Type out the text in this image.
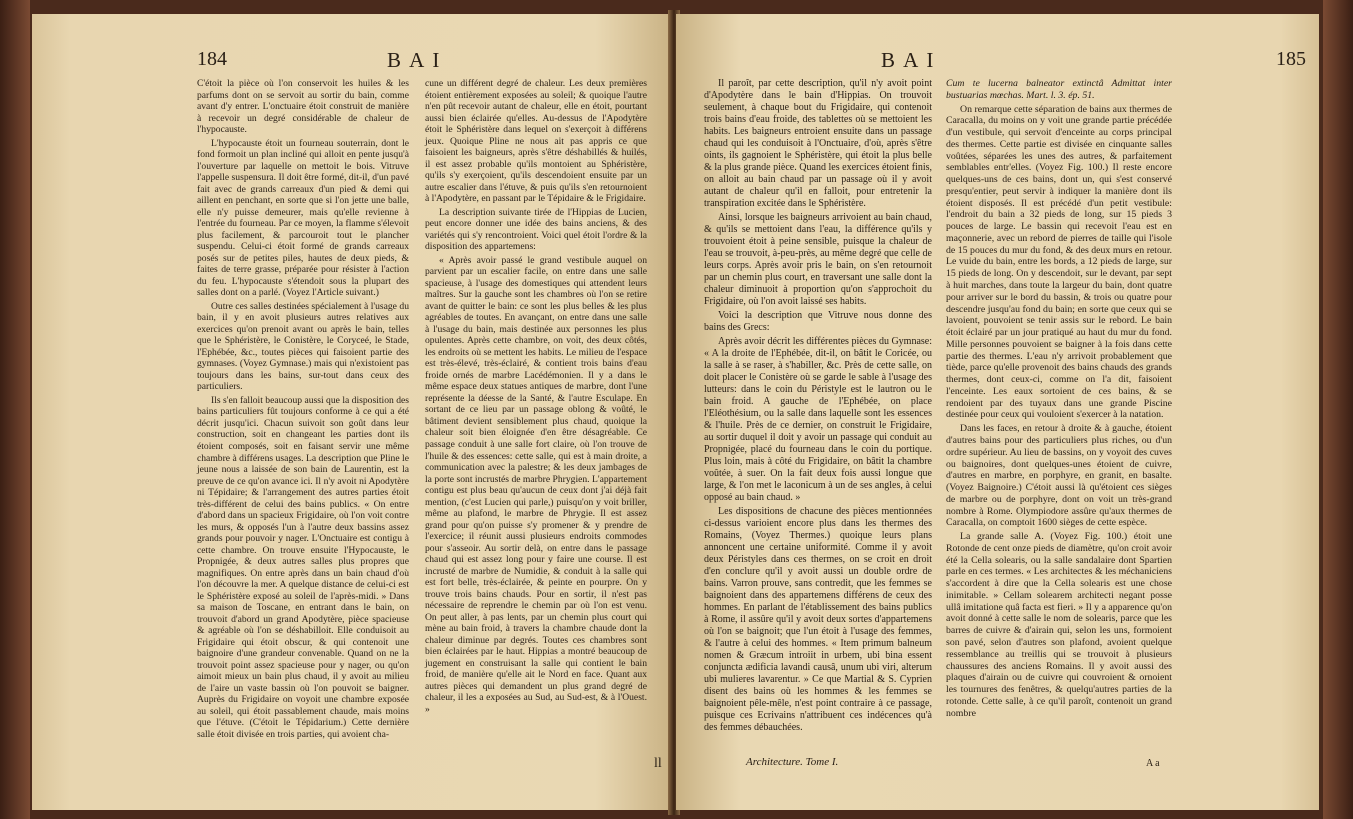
184	B A I

C'étoit la pièce où l'on conservoit les huiles & les parfums dont on se servoit au sortir du bain, comme avant d'y entrer. L'onctuaire étoit construit de manière à recevoir un degré considérable de chaleur de l'hypocauste.

L'hypocauste étoit un fourneau souterrain, dont le fond formoit un plan incliné qui alloit en pente jusqu'à l'ouverture par laquelle on mettoit le bois. Vitruve l'appelle suspensura. Il doit être formé, dit-il, d'un pavé fait avec de grands carreaux d'un pied & demi qui aillent en penchant, en sorte que si l'on jette une balle, elle n'y puisse demeurer, mais qu'elle revienne à l'entrée du fourneau. Par ce moyen, la flamme s'élevoit plus facilement, & parcouroit tout le plancher suspendu. Celui-ci étoit formé de grands carreaux posés sur de petites piles, hautes de deux pieds, & faites de terre grasse, préparée pour résister à l'action du feu. L'hypocauste s'étendoit sous la plupart des salles dont on a parlé. (Voyez l'Article suivant.)

Outre ces salles destinées spécialement à l'usage du bain, il y en avoit plusieurs autres relatives aux exercices qu'on prenoit avant ou après le bain, telles que le Sphéristère, le Conistère, le Coryceé, le Stade, l'Ephébée, &c., toutes pièces qui faisoient partie des gymnases. (Voyez Gymnase.) mais qui n'existoient pas toujours dans les bains, sur-tout dans ceux des particuliers.

Ils s'en falloit beaucoup aussi que la disposition des bains particuliers fût toujours conforme à ce qui a été décrit jusqu'ici. Chacun suivoit son goût dans leur construction, soit en changeant les parties dont ils étoient composés, soit en faisant servir une même chambre à différens usages. La description que Pline le jeune nous a laissée de son bain de Laurentin, est la preuve de ce qu'on avance ici. Il n'y avoit ni Apodytère ni Tépidaire; & l'arrangement des autres parties étoit très-différent de celui des bains publics. « On entre d'abord dans un spacieux Frigidaire, où l'on voit contre les murs, & opposés l'un à l'autre deux bassins assez grands pour pouvoir y nager. L'Onctuaire est contigu à cette chambre. On trouve ensuite l'Hypocauste, le Propnigée, & deux autres salles plus propres que magnifiques. On entre après dans un bain chaud d'où l'on découvre la mer. A quelque distance de celui-ci est le Sphéristère exposé au soleil de l'après-midi. » Dans sa maison de Toscane, en entrant dans le bain, on trouvoit d'abord un grand Apodytère, pièce spacieuse & agréable où l'on se déshabilloit. Elle conduisoit au Frigidaire qui étoit obscur, & qui contenoit une baignoire d'une grandeur convenable. Quand on ne la trouvoit point assez spacieuse pour y nager, ou qu'on aimoit mieux un bain plus chaud, il y avoit au milieu de l'aire un vaste bassin où l'on pouvoit se baigner. Auprès du Frigidaire on voyoit une chambre exposée au soleil, qui étoit passablement chaude, mais moins que l'étuve. (C'étoit le Tépidarium.) Cette dernière salle étoit divisée en trois parties, qui avoient cha-

cune un différent degré de chaleur. Les deux premières étoient entièrement exposées au soleil; & quoique l'autre n'en pût recevoir autant de chaleur, elle en étoit, pourtant aussi bien éclairée qu'elles. Au-dessus de l'Apodytère étoit le Sphéristère dans lequel on s'exerçoit à différens jeux. Quoique Pline ne nous ait pas appris ce que faisoient les baigneurs, après s'être déshabillés & huilés, il est assez probable qu'ils montoient au Sphéristère, qu'ils s'y exerçoient, qu'ils descendoient ensuite par un autre escalier dans l'étuve, & puis qu'ils s'en retournoient à l'Apodytère, en passant par le Tépidaire & le Frigidaire.

La description suivante tirée de l'Hippias de Lucien, peut encore donner une idée des bains anciens, & des variétés qui s'y rencontroient. Voici quel étoit l'ordre & la disposition des appartemens:

« Après avoir passé le grand vestibule auquel on parvient par un escalier facile, on entre dans une salle spacieuse, à l'usage des domestiques qui attendent leurs maîtres. Sur la gauche sont les chambres où l'on se retire avant de quitter le bain: ce sont les plus belles & les plus agréables de toutes. En avançant, on entre dans une salle à l'usage du bain, mais destinée aux personnes les plus opulentes. Après cette chambre, on voit, des deux côtés, les endroits où se mettent les habits. Le milieu de l'espace est très-élevé, très-éclairé, & contient trois bains d'eau froide ornés de marbre Lacédémonien. Il y a dans le même espace deux statues antiques de marbre, dont l'une représente la déesse de la Santé, & l'autre Esculape. En sortant de ce lieu par un passage oblong & voûté, le bâtiment devient sensiblement plus chaud, quoique la chaleur soit bien éloignée d'en être désagréable. Ce passage conduit à une salle fort claire, où l'on trouve de l'huile & des essences: cette salle, qui est à main droite, a communication avec la palestre; & les deux jambages de la porte sont incrustés de marbre Phrygien. L'appartement contigu est plus beau qu'aucun de ceux dont j'ai déjà fait mention, (c'est Lucien qui parle,) puisqu'on y voit briller, même au plafond, le marbre de Phrygie. Il est assez grand pour qu'on puisse s'y promener & y prendre de l'exercice; il réunit aussi plusieurs endroits commodes pour s'asseoir. Au sortir delà, on entre dans le passage chaud qui est assez long pour y faire une course. Il est incrusté de marbre de Numidie, & conduit à la salle qui est fort belle, très-éclairée, & peinte en pourpre. On y trouve trois bains chauds. Pour en sortir, il n'est pas nécessaire de reprendre le chemin par où l'on est venu. On peut aller, à pas lents, par un chemin plus court qui mène au bain froid, à travers la chambre chaude dont la chaleur diminue par degrés. Toutes ces chambres sont bien éclairées par le haut. Hippias a montré beaucoup de jugement en construisant la salle qui contient le bain froid, de manière qu'elle ait le Nord en face. Quant aux autres pièces qui demandent un plus grand degré de chaleur, il les a exposées au Sud, au Sud-est, & à l'Ouest. »

ll
B A I	185

Il paroît, par cette description, qu'il n'y avoit point d'Apodytère dans le bain d'Hippias. On trouvoit seulement, à chaque bout du Frigidaire, qui contenoit trois bains d'eau froide, des tablettes où se mettoient les habits. Les baigneurs entroient ensuite dans un passage chaud qui les conduisoit à l'Onctuaire, d'où, après s'être oints, ils gagnoient le Sphéristère, qui étoit la plus belle & la plus grande pièce. Quand les exercices étoient finis, on alloit au bain chaud par un passage où il y avoit autant de chaleur qu'il en falloit, pour entretenir la transpiration excitée dans le Sphéristère.

Ainsi, lorsque les baigneurs arrivoient au bain chaud, & qu'ils se mettoient dans l'eau, la différence qu'ils y trouvoient étoit à peine sensible, puisque la chaleur de l'eau se trouvoit, à-peu-près, au même degré que celle de leurs corps. Après avoir pris le bain, on s'en retournoit par un chemin plus court, en traversant une salle dont la chaleur diminuoit à proportion qu'on s'approchoit du Frigidaire, où l'on avoit laissé ses habits.

Voici la description que Vitruve nous donne des bains des Grecs:

Après avoir décrit les différentes pièces du Gymnase: « A la droite de l'Ephébée, dit-il, on bâtit le Coricée, ou la salle à se raser, à s'habiller, &c. Près de cette salle, on doit placer le Conistère où se garde le sable à l'usage des lutteurs: dans le coin du Péristyle est le lautron ou le bain froid. A gauche de l'Ephébée, on place l'Eléothésium, ou la salle dans laquelle sont les essences & l'huile. Près de ce dernier, on construit le Frigidaire, au sortir duquel il doit y avoir un passage qui conduit au Propnigée, placé du fourneau dans le coin du portique. Plus loin, mais à côté du Frigidaire, on bâtit la chambre voûtée, à suer. On la fait deux fois aussi longue que large, & l'on met le laconicum à un de ses angles, à celui opposé au bain chaud. »

Les dispositions de chacune des pièces mentionnées ci-dessus varioient encore plus dans les thermes des Romains, (Voyez Thermes.) quoique leurs plans annoncent une certaine uniformité. Comme il y avoit deux Péristyles dans ces thermes, on se croit en droit d'en conclure qu'il y avoit aussi un double ordre de bains. Varron prouve, sans contredit, que les femmes se baignoient dans des appartemens différens de ceux des hommes. En parlant de l'établissement des bains publics à Rome, il assûre qu'il y avoit deux sortes d'appartemens où l'on se baignoit; que l'un étoit à l'usage des femmes, & l'autre à celui des hommes. « Item primum balneum nomen & Græcum introiit in urbem, ubi bina essent conjuncta ædificia lavandi causâ, unum ubi viri, alterum ubi mulieres lavarentur. » Ce que Martial & S. Cyprien disent des bains où les hommes & les femmes se baignoient pêle-mêle, n'est point contraire à ce passage, puisque ces Ecrivains n'attribuent ces indécences qu'à des femmes débauchées.

Cum te lucerna balneator extinctâ Admittat inter bustuarias mœchas. Mart. l. 3. ép. 51.

On remarque cette séparation de bains aux thermes de Caracalla, du moins on y voit une grande partie précédée d'un vestibule, qui servoit d'enceinte au corps principal des thermes. Cette partie est divisée en cinquante salles voûtées, séparées les unes des autres, & parfaitement semblables entr'elles. (Voyez Fig. 100.) Il reste encore quelques-uns de ces bains, dont un, qui s'est conservé presqu'entier, peut servir à indiquer la manière dont ils étoient disposés. Il est précédé d'un petit vestibule: l'endroit du bain a 32 pieds de long, sur 15 pieds 3 pouces de large. Le bassin qui recevoit l'eau est en maçonnerie, avec un rebord de pierres de taille qui l'isole de 15 pouces du mur du fond, & des deux murs en retour. Le vuide du bain, entre les bords, a 12 pieds de large, sur 15 pieds de long. On y descendoit, sur le devant, par sept à huit marches, dans toute la largeur du bain, dont quatre pour arriver sur le bord du bassin, & trois ou quatre pour descendre jusqu'au fond du bain; en sorte que ceux qui se lavoient, pouvoient se tenir assis sur le rebord. Le bain étoit éclairé par un jour pratiqué au haut du mur du fond. Mille personnes pouvoient se baigner à la fois dans cette partie des thermes. L'eau n'y arrivoit probablement que tiède, parce qu'elle provenoit des bains chauds des grands thermes, dont ceux-ci, comme on l'a dit, faisoient l'enceinte. Les eaux sortoient de ces bains, & se rendoient par des tuyaux dans une grande Piscine destinée pour ceux qui vouloient s'exercer à la natation.

Dans les faces, en retour à droite & à gauche, étoient d'autres bains pour des particuliers plus riches, ou d'un ordre supérieur. Au lieu de bassins, on y voyoit des cuves ou baignoires, dont quelques-unes étoient de cuivre, d'autres en marbre, en porphyre, en granit, en basalte. (Voyez Baignoire.) C'étoit aussi là qu'étoient ces sièges de marbre ou de porphyre, dont on voit un très-grand nombre à Rome. Olympiodore assûre qu'aux thermes de Caracalla, on comptoit 1600 sièges de cette espèce.

La grande salle A. (Voyez Fig. 100.) étoit une Rotonde de cent onze pieds de diamètre, qu'on croit avoir été la Cella solearis, ou la salle sandalaire dont Spartien parle en ces termes. « Les architectes & les méchaniciens s'accordent à dire que la Cella solearis est une chose inimitable. » Cellam solearem architecti negant posse ullâ imitatione quâ facta est fieri. » Il y a apparence qu'on avoit donné à cette salle le nom de solearis, parce que les barres de cuivre & d'airain qui, selon les uns, formoient son pavé, selon d'autres son plafond, avoient quelque ressemblance au treillis qui se trouvoit à plusieurs chaussures des anciens Romains. Il y avoit aussi des plaques d'airain ou de cuivre qui couvroient & ornoient les tournures des fenêtres, & quelqu'autres parties de la rotonde. Cette salle, à ce qu'il paroît, contenoit un grand nombre

Architecture. Tome I.	A a
